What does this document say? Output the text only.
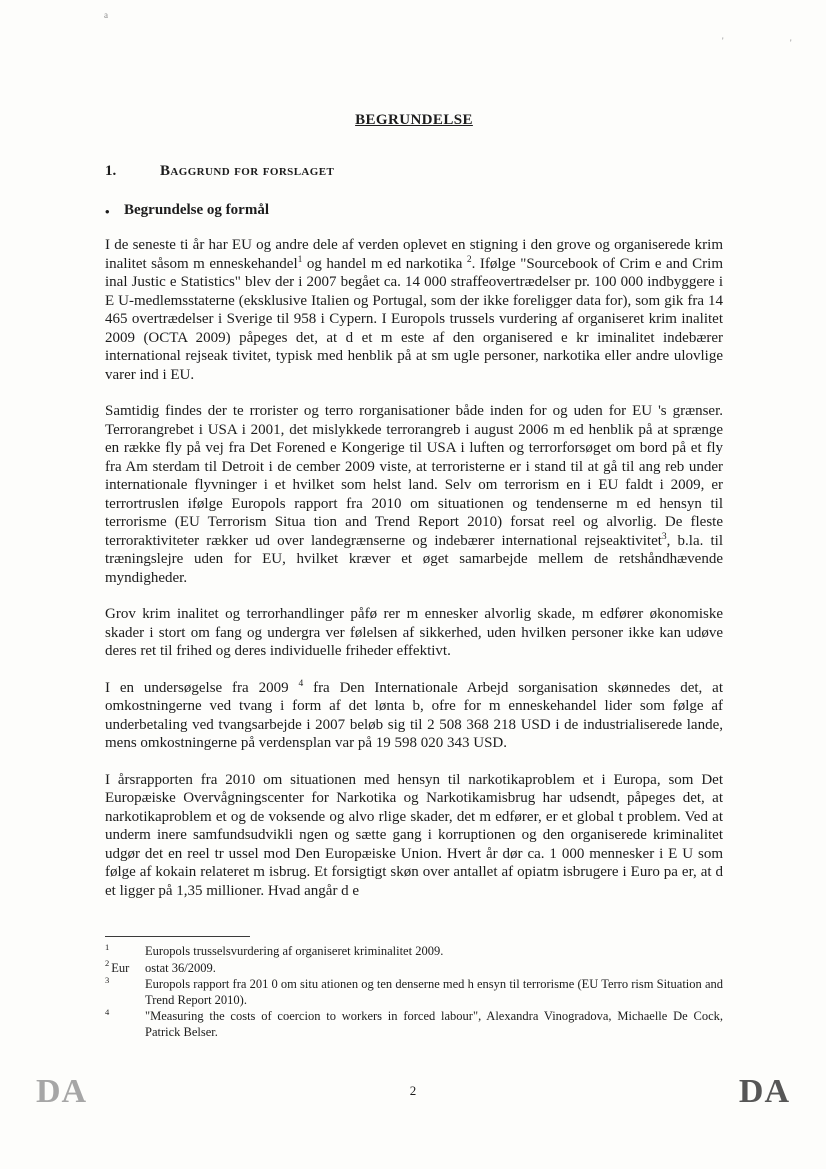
a
'	'
BEGRUNDELSE
1.	Baggrund for forslaget
• Begrundelse og formål

I de seneste ti år har EU og andre dele af verden oplevet en stigning i den grove og organiserede krim inalitet såsom m enneskehandel$^1$ og handel m ed narkotika $^2$. Ifølge "Sourcebook of Crim e and Crim inal Justic e Statistics" blev der i 2007 begået ca. 14 000 straffeovertrædelser pr. 100 000 indbyggere i E U-medlemsstaterne (eksklusive Italien og Portugal, som der ikke foreligger data for), som gik fra 14 465 overtrædelser i Sverige til 958 i Cypern. I Europols trussels vurdering af organiseret krim inalitet 2009 (OCTA 2009) påpeges det, at d et m este af den organisered e kr iminalitet indebærer international rejseak tivitet, typisk med henblik på at sm ugle personer, narkotika eller andre ulovlige varer ind i EU.

Samtidig findes der te rrorister og terro rorganisationer både inden for og uden for EU 's grænser. Terrorangrebet i USA i 2001, det mislykkede terrorangreb i august 2006 m ed henblik på at sprænge en række fly på vej fra Det Forened e Kongerige til USA i luften og terrorforsøget om bord på et fly fra Am sterdam til Detroit i de cember 2009 viste, at terroristerne er i stand til at gå til ang reb under internationale flyvninger i et hvilket som helst land. Selv om terrorism en i EU faldt i 2009, er terrortruslen ifølge Europols rapport fra 2010 om situationen og tendenserne m ed hensyn til terrorisme (EU Terrorism Situa tion and Trend Report 2010) forsat reel og alvorlig. De fleste terroraktiviteter rækker ud over landegrænserne og indebærer international rejseaktivitet$^3$, b.la. til træningslejre uden for EU, hvilket kræver et øget samarbejde mellem de retshåndhævende myndigheder.

Grov krim inalitet og terrorhandlinger påfø rer m ennesker alvorlig skade, m edfører økonomiske skader i stort om fang og undergra ver følelsen af sikkerhed, uden hvilken personer ikke kan udøve deres ret til frihed og deres individuelle friheder effektivt.

I en undersøgelse fra 2009 $^4$ fra Den Internationale Arbejd sorganisation skønnedes det, at omkostningerne ved tvang i form af det lønta b, ofre for m enneskehandel lider som følge af underbetaling ved tvangsarbejde i 2007 beløb sig til 2 508 368 218 USD i de industrialiserede lande, mens omkostningerne på verdensplan var på 19 598 020 343 USD.

I årsrapporten fra 2010 om situationen med hensyn til narkotikaproblem et i Europa, som Det Europæiske Overvågningscenter for Narkotika og Narkotikamisbrug har udsendt, påpeges det, at narkotikaproblem et og de voksende og alvo rlige skader, det m edfører, er et global t problem. Ved at underm inere samfundsudvikli ngen og sætte gang i korruptionen og den organiserede kriminalitet udgør det en reel tr ussel mod Den Europæiske Union. Hvert år dør ca. 1 000 mennesker i E U som følge af kokain relateret m isbrug. Et forsigtigt skøn over antallet af opiatm isbrugere i Euro pa er, at d et ligger på 1,35 millioner. Hvad angår d e

$^1$	Europols trusselsvurdering af organiseret kriminalitet 2009.
$^2$ Eur	ostat 36/2009.
$^3$	Europols rapport fra 201 0 om situ ationen og ten denserne med h ensyn til terrorisme (EU Terro rism Situation and Trend Report 2010).
$^4$	"Measuring the costs of coercion to workers in forced labour", Alexandra Vinogradova, Michaelle De Cock, Patrick Belser.
DA	2	DA
